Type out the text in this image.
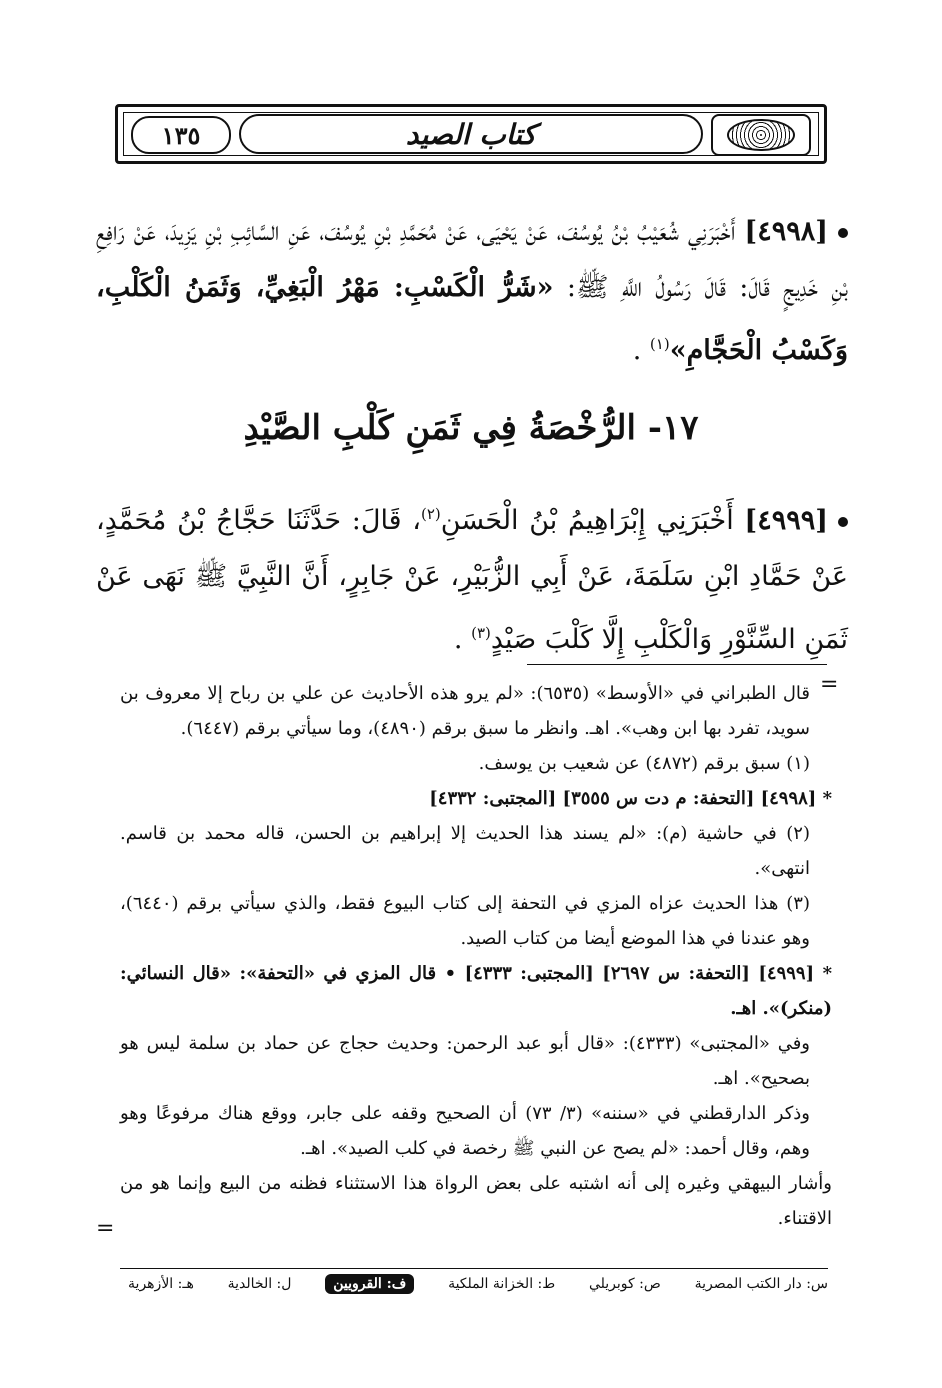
١٣٥	كتاب الصيد
[٤٩٩٨] أَخْبَرَنِي شُعَيْبُ بْنُ يُوسُفَ، عَنْ يَحْيَى، عَنْ مُحَمَّدِ بْنِ يُوسُفَ، عَنِ السَّائِبِ بْنِ يَزِيدَ، عَنْ رَافِعِ بْنِ خَدِيجٍ قَالَ: قَالَ رَسُولُ اللَّهِ ﷺ: «شَرُّ الْكَسْبِ: مَهْرُ الْبَغِيِّ، وَثَمَنُ الْكَلْبِ، وَكَسْبُ الْحَجَّامِ»$^{(١)}$ .
١٧- الرُّخْصَةُ فِي ثَمَنِ كَلْبِ الصَّيْدِ
[٤٩٩٩] أَخْبَرَنِي إِبْرَاهِيمُ بْنُ الْحَسَنِ$^{(٢)}$، قَالَ: حَدَّثَنَا حَجَّاجُ بْنُ مُحَمَّدٍ، عَنْ حَمَّادِ ابْنِ سَلَمَةَ، عَنْ أَبِي الزُّبَيْرِ، عَنْ جَابِرٍ، أَنَّ النَّبِيَّ ﷺ نَهَى عَنْ ثَمَنِ السِّنَّوْرِ وَالْكَلْبِ إِلَّا كَلْبَ صَيْدٍ$^{(٣)}$ .
=

قال الطبراني في «الأوسط» (٦٥٣٥): «لم يرو هذه الأحاديث عن علي بن رباح إلا معروف بن سويد، تفرد بها ابن وهب». اهـ. وانظر ما سبق برقم (٤٨٩٠)، وما سيأتي برقم (٦٤٤٧).

(١) سبق برقم (٤٨٧٢) عن شعيب بن يوسف.

* [٤٩٩٨] [التحفة: م دت س ٣٥٥٥] [المجتبى: ٤٣٣٢]

(٢) في حاشية (م): «لم يسند هذا الحديث إلا إبراهيم بن الحسن، قاله محمد بن قاسم. انتهى».

(٣) هذا الحديث عزاه المزي في التحفة إلى كتاب البيوع فقط، والذي سيأتي برقم (٦٤٤٠)، وهو عندنا في هذا الموضع أيضا من كتاب الصيد.

* [٤٩٩٩] [التحفة: س ٢٦٩٧] [المجتبى: ٤٣٣٣] • قال المزي في «التحفة»: «قال النسائي: (منكر)». اهـ.

وفي «المجتبى» (٤٣٣٣): «قال أبو عبد الرحمن: وحديث حجاج عن حماد بن سلمة ليس هو بصحيح». اهـ.

وذكر الدارقطني في «سننه» (٣/ ٧٣) أن الصحيح وقفه على جابر، ووقع هناك مرفوعًا وهو وهم، وقال أحمد: «لم يصح عن النبي ﷺ رخصة في كلب الصيد». اهـ.

وأشار البيهقي وغيره إلى أنه اشتبه على بعض الرواة هذا الاستثناء فظنه من البيع وإنما هو من الاقتناء.

=
س: دار الكتب المصرية
ص: كوبريلي
ط: الخزانة الملكية
ف: القرويين
ل: الخالدية
هـ: الأزهرية
